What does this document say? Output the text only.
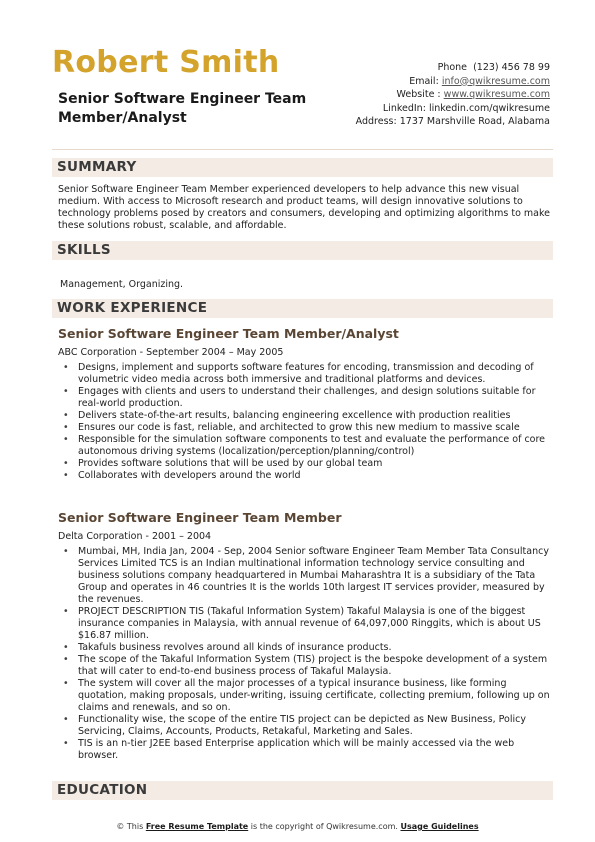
Robert Smith
Senior Software Engineer Team Member/Analyst
Phone (123) 456 78 99
Email: info@qwikresume.com
Website : www.qwikresume.com
LinkedIn: linkedin.com/qwikresume
Address: 1737 Marshville Road, Alabama
SUMMARY
Senior Software Engineer Team Member experienced developers to help advance this new visual medium. With access to Microsoft research and product teams, will design innovative solutions to technology problems posed by creators and consumers, developing and optimizing algorithms to make these solutions robust, scalable, and affordable.
SKILLS
Management, Organizing.
WORK EXPERIENCE
Senior Software Engineer Team Member/Analyst
ABC Corporation - September 2004 – May 2005
• Designs, implement and supports software features for encoding, transmission and decoding of volumetric video media across both immersive and traditional platforms and devices.
• Engages with clients and users to understand their challenges, and design solutions suitable for real-world production.
• Delivers state-of-the-art results, balancing engineering excellence with production realities
• Ensures our code is fast, reliable, and architected to grow this new medium to massive scale
• Responsible for the simulation software components to test and evaluate the performance of core autonomous driving systems (localization/perception/planning/control)
• Provides software solutions that will be used by our global team
• Collaborates with developers around the world
Senior Software Engineer Team Member
Delta Corporation - 2001 – 2004
• Mumbai, MH, India Jan, 2004 - Sep, 2004 Senior software Engineer Team Member Tata Consultancy Services Limited TCS is an Indian multinational information technology service consulting and business solutions company headquartered in Mumbai Maharashtra It is a subsidiary of the Tata Group and operates in 46 countries It is the worlds 10th largest IT services provider, measured by the revenues.
• PROJECT DESCRIPTION TIS (Takaful Information System) Takaful Malaysia is one of the biggest insurance companies in Malaysia, with annual revenue of 64,097,000 Ringgits, which is about US $16.87 million.
• Takafuls business revolves around all kinds of insurance products.
• The scope of the Takaful Information System (TIS) project is the bespoke development of a system that will cater to end-to-end business process of Takaful Malaysia.
• The system will cover all the major processes of a typical insurance business, like forming quotation, making proposals, under-writing, issuing certificate, collecting premium, following up on claims and renewals, and so on.
• Functionality wise, the scope of the entire TIS project can be depicted as New Business, Policy Servicing, Claims, Accounts, Products, Retakaful, Marketing and Sales.
• TIS is an n-tier J2EE based Enterprise application which will be mainly accessed via the web browser.
EDUCATION
© This Free Resume Template is the copyright of Qwikresume.com. Usage Guidelines
